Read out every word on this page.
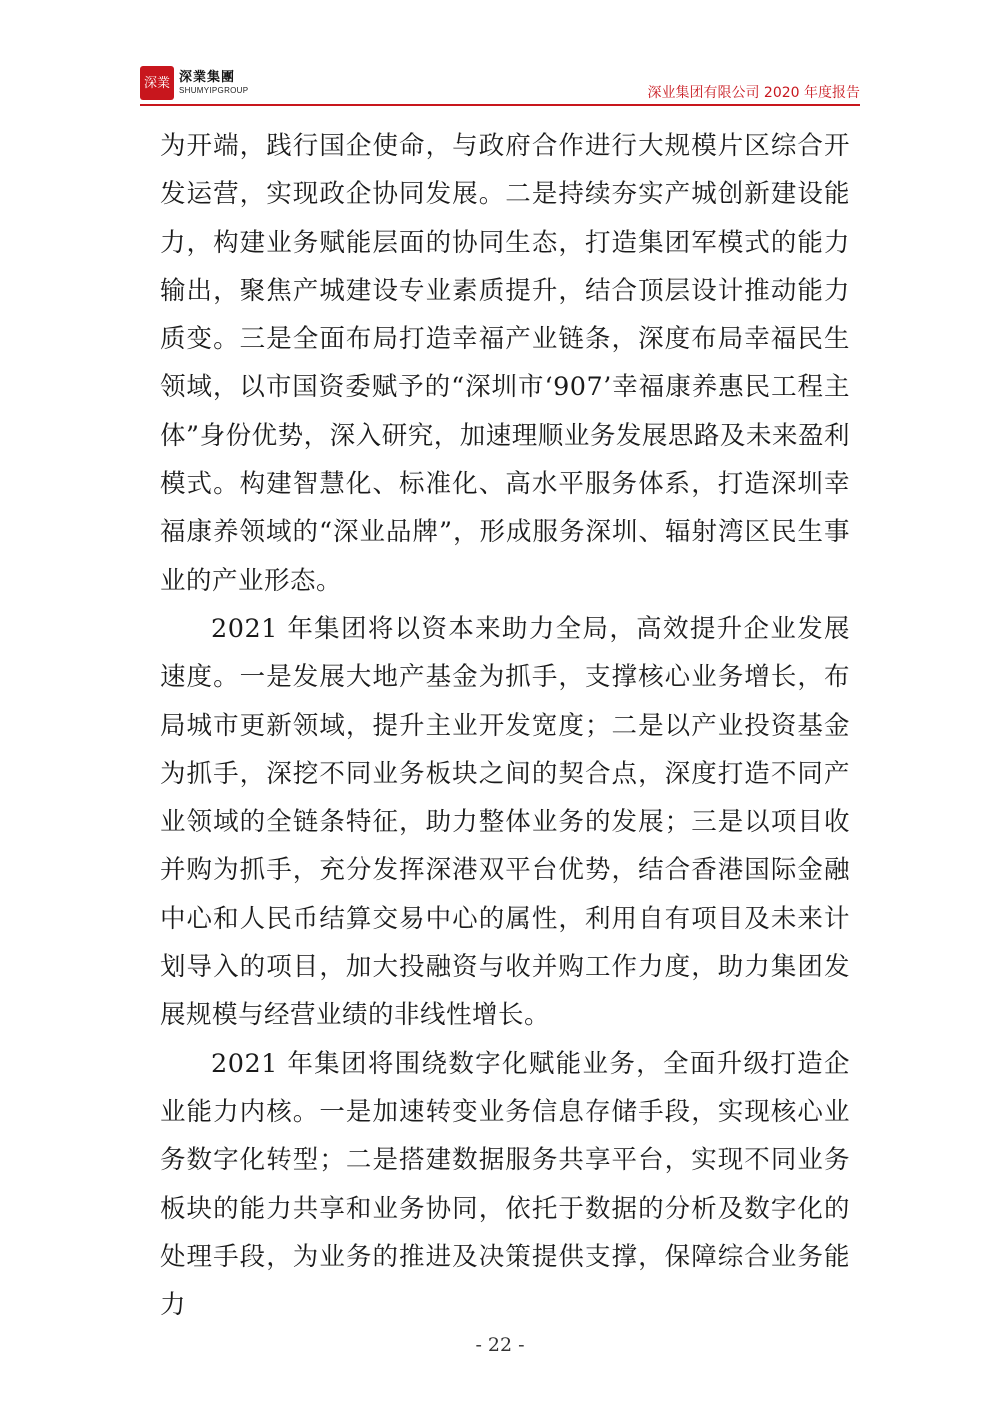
深業 深業集團
SHUMYIPGROUP	深业集团有限公司 2020 年度报告

为开端，践行国企使命，与政府合作进行大规模片区综合开发运营，实现政企协同发展。二是持续夯实产城创新建设能力，构建业务赋能层面的协同生态，打造集团军模式的能力输出，聚焦产城建设专业素质提升，结合顶层设计推动能力质变。三是全面布局打造幸福产业链条，深度布局幸福民生领域，以市国资委赋予的“深圳市‘907’幸福康养惠民工程主体”身份优势，深入研究，加速理顺业务发展思路及未来盈利模式。构建智慧化、标准化、高水平服务体系，打造深圳幸福康养领域的“深业品牌”，形成服务深圳、辐射湾区民生事业的产业形态。

2021 年集团将以资本来助力全局，高效提升企业发展速度。一是发展大地产基金为抓手，支撑核心业务增长，布局城市更新领域，提升主业开发宽度；二是以产业投资基金为抓手，深挖不同业务板块之间的契合点，深度打造不同产业领域的全链条特征，助力整体业务的发展；三是以项目收并购为抓手，充分发挥深港双平台优势，结合香港国际金融中心和人民币结算交易中心的属性，利用自有项目及未来计划导入的项目，加大投融资与收并购工作力度，助力集团发展规模与经营业绩的非线性增长。

2021 年集团将围绕数字化赋能业务，全面升级打造企业能力内核。一是加速转变业务信息存储手段，实现核心业务数字化转型；二是搭建数据服务共享平台，实现不同业务板块的能力共享和业务协同，依托于数据的分析及数字化的处理手段，为业务的推进及决策提供支撑，保障综合业务能力

- 22 -
